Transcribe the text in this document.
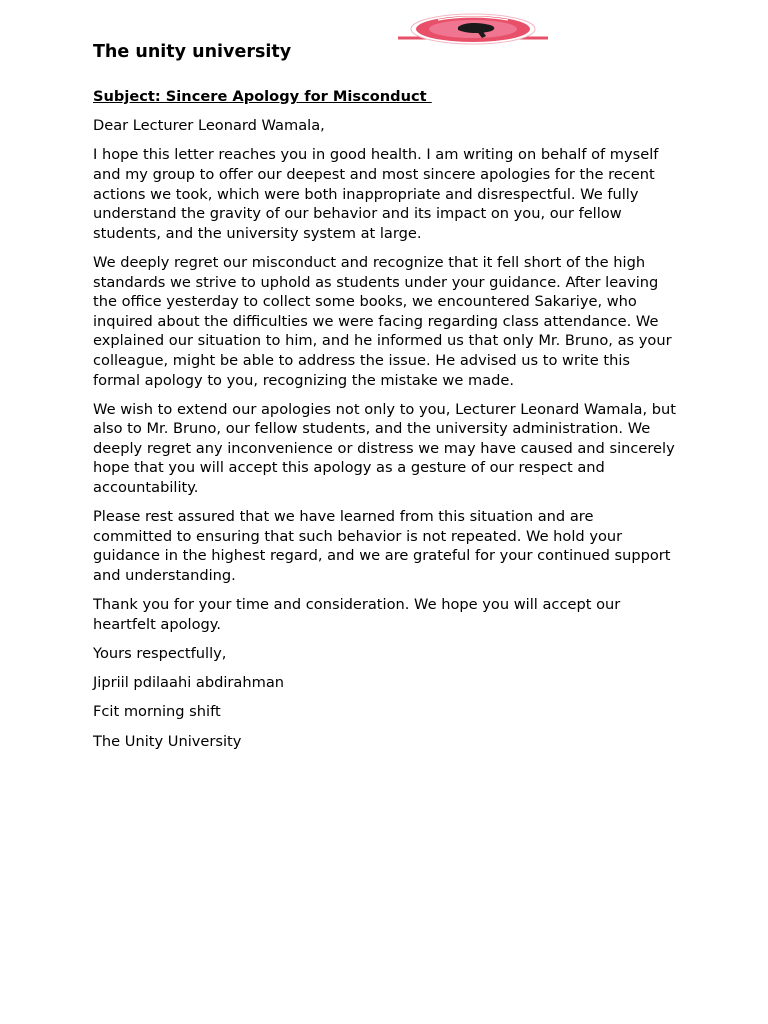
The unity university

Subject: Sincere Apology for Misconduct

Dear Lecturer Leonard Wamala,

I hope this letter reaches you in good health. I am writing on behalf of myself and my group to offer our deepest and most sincere apologies for the recent actions we took, which were both inappropriate and disrespectful. We fully understand the gravity of our behavior and its impact on you, our fellow students, and the university system at large.

We deeply regret our misconduct and recognize that it fell short of the high standards we strive to uphold as students under your guidance. After leaving the office yesterday to collect some books, we encountered Sakariye, who inquired about the difficulties we were facing regarding class attendance. We explained our situation to him, and he informed us that only Mr. Bruno, as your colleague, might be able to address the issue. He advised us to write this formal apology to you, recognizing the mistake we made.

We wish to extend our apologies not only to you, Lecturer Leonard Wamala, but also to Mr. Bruno, our fellow students, and the university administration. We deeply regret any inconvenience or distress we may have caused and sincerely hope that you will accept this apology as a gesture of our respect and accountability.

Please rest assured that we have learned from this situation and are committed to ensuring that such behavior is not repeated. We hold your guidance in the highest regard, and we are grateful for your continued support and understanding.

Thank you for your time and consideration. We hope you will accept our heartfelt apology.

Yours respectfully,

Jipriil pdilaahi abdirahman

Fcit morning shift

The Unity University
